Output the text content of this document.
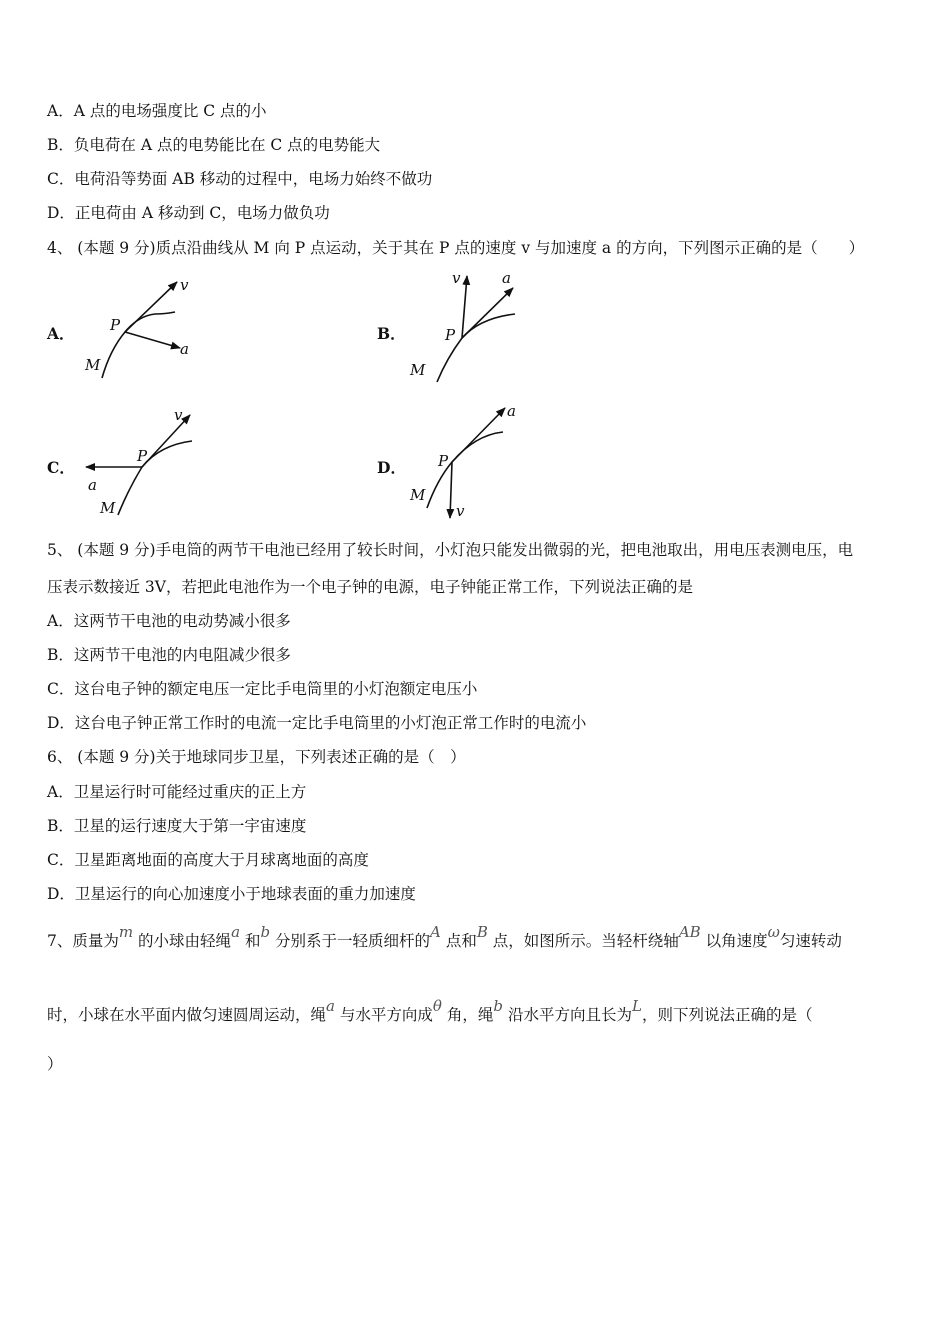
A．A 点的电场强度比 C 点的小
B．负电荷在 A 点的电势能比在 C 点的电势能大
C．电荷沿等势面 AB 移动的过程中，电场力始终不做功
D．正电荷由 A 移动到 C，电场力做负功
4、 (本题 9 分)质点沿曲线从 M 向 P 点运动，关于其在 P 点的速度 v 与加速度 a 的方向，下列图示正确的是（　　）
A． P
v
a
M
B．	P
v	a
M
C．
P
v
a
M
D． P
a
v
M
5、 (本题 9 分)手电筒的两节干电池已经用了较长时间，小灯泡只能发出微弱的光，把电池取出，用电压表测电压，电
压表示数接近 3V，若把此电池作为一个电子钟的电源，电子钟能正常工作，下列说法正确的是
A．这两节干电池的电动势减小很多
B．这两节干电池的内电阻减少很多
C．这台电子钟的额定电压一定比手电筒里的小灯泡额定电压小
D．这台电子钟正常工作时的电流一定比手电筒里的小灯泡正常工作时的电流小
6、 (本题 9 分)关于地球同步卫星，下列表述正确的是（　）
A．卫星运行时可能经过重庆的正上方
B．卫星的运行速度大于第一宇宙速度
C．卫星距离地面的高度大于月球离地面的高度
D．卫星运行的向心加速度小于地球表面的重力加速度
7、质量为m 的小球由轻绳a 和b 分别系于一轻质细杆的A 点和B 点，如图所示。当轻杆绕轴AB 以角速度ω匀速转动
时，小球在水平面内做匀速圆周运动，绳a 与水平方向成θ 角，绳b 沿水平方向且长为L，则下列说法正确的是（
）
